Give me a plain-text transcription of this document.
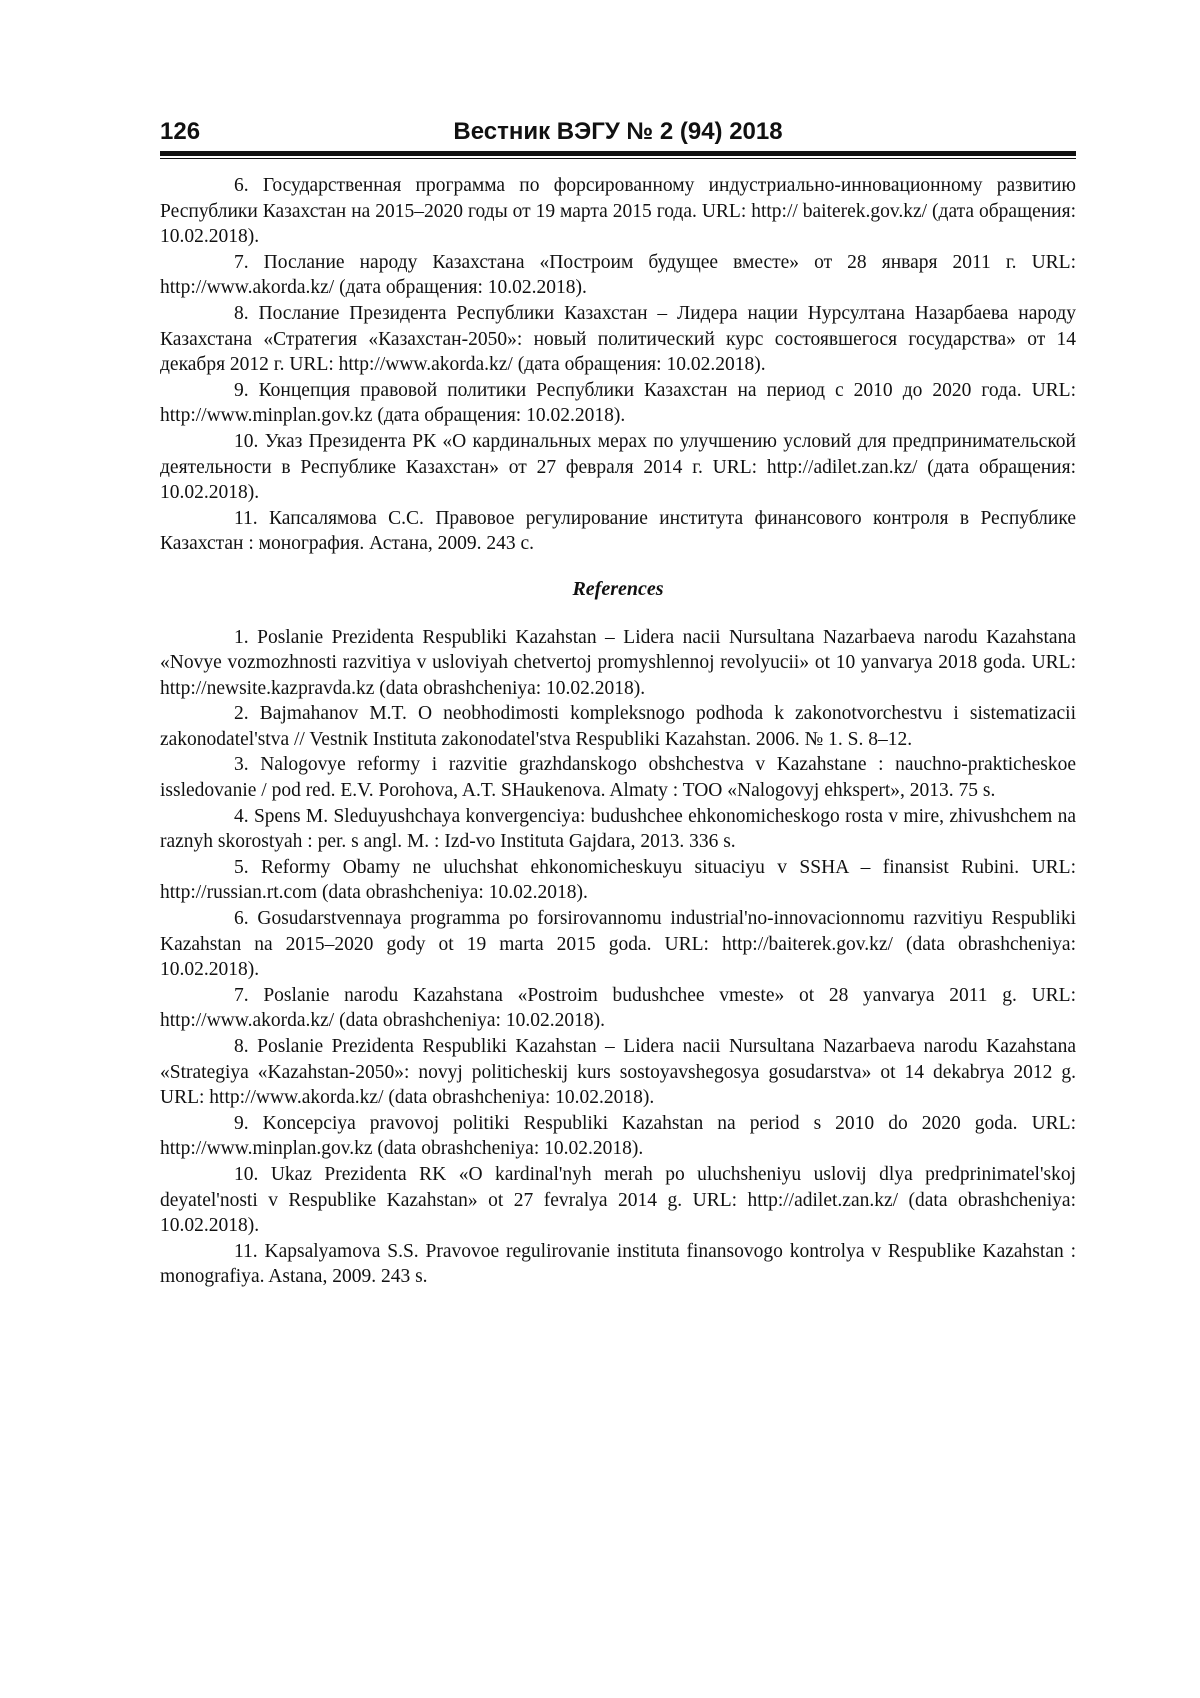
126	Вестник ВЭГУ № 2 (94) 2018

6. Государственная программа по форсированному индустриально-инновационному развитию Республики Казахстан на 2015–2020 годы от 19 марта 2015 года. URL: http:// baiterek.gov.kz/ (дата обращения: 10.02.2018).

7. Послание народу Казахстана «Построим будущее вместе» от 28 января 2011 г. URL: http://www.akorda.kz/ (дата обращения: 10.02.2018).

8. Послание Президента Республики Казахстан – Лидера нации Нурсултана Назарбаева народу Казахстана «Стратегия «Казахстан-2050»: новый политический курс состоявшегося государства» от 14 декабря 2012 г. URL: http://www.akorda.kz/ (дата обращения: 10.02.2018).

9. Концепция правовой политики Республики Казахстан на период с 2010 до 2020 года. URL: http://www.minplan.gov.kz (дата обращения: 10.02.2018).

10. Указ Президента РК «О кардинальных мерах по улучшению условий для предпринимательской деятельности в Республике Казахстан» от 27 февраля 2014 г. URL: http://adilet.zan.kz/ (дата обращения: 10.02.2018).

11. Капсалямова С.С. Правовое регулирование института финансового контроля в Республике Казахстан : монография. Астана, 2009. 243 с.

References

1. Poslanie Prezidenta Respubliki Kazahstan – Lidera nacii Nursultana Nazarbaeva narodu Kazahstana «Novye vozmozhnosti razvitiya v usloviyah chetvertoj promyshlennoj revolyucii» ot 10 yanvarya 2018 goda. URL: http://newsite.kazpravda.kz (data obrashcheniya: 10.02.2018).

2. Bajmahanov M.T. O neobhodimosti kompleksnogo podhoda k zakonotvorchestvu i sistematizacii zakonodatel'stva // Vestnik Instituta zakonodatel'stva Respubliki Kazahstan. 2006. № 1. S. 8–12.

3. Nalogovye reformy i razvitie grazhdanskogo obshchestva v Kazahstane : nauchno-prakticheskoe issledovanie / pod red. E.V. Porohova, A.T. SHaukenova. Almaty : TOO «Nalogovyj ehkspert», 2013. 75 s.

4. Spens M. Sleduyushchaya konvergenciya: budushchee ehkonomicheskogo rosta v mire, zhivushchem na raznyh skorostyah : per. s angl. M. : Izd-vo Instituta Gajdara, 2013. 336 s.

5. Reformy Obamy ne uluchshat ehkonomicheskuyu situaciyu v SSHA – finansist Rubini. URL: http://russian.rt.com (data obrashcheniya: 10.02.2018).

6. Gosudarstvennaya programma po forsirovannomu industrial'no-innovacionnomu razvitiyu Respubliki Kazahstan na 2015–2020 gody ot 19 marta 2015 goda. URL: http://baiterek.gov.kz/ (data obrashcheniya: 10.02.2018).

7. Poslanie narodu Kazahstana «Postroim budushchee vmeste» ot 28 yanvarya 2011 g. URL: http://www.akorda.kz/ (data obrashcheniya: 10.02.2018).

8. Poslanie Prezidenta Respubliki Kazahstan – Lidera nacii Nursultana Nazarbaeva narodu Kazahstana «Strategiya «Kazahstan-2050»: novyj politicheskij kurs sostoyavshegosya gosudarstva» ot 14 dekabrya 2012 g. URL: http://www.akorda.kz/ (data obrashcheniya: 10.02.2018).

9. Koncepciya pravovoj politiki Respubliki Kazahstan na period s 2010 do 2020 goda. URL: http://www.minplan.gov.kz (data obrashcheniya: 10.02.2018).

10. Ukaz Prezidenta RK «O kardinal'nyh merah po uluchsheniyu uslovij dlya predprinimatel'skoj deyatel'nosti v Respublike Kazahstan» ot 27 fevralya 2014 g. URL: http://adilet.zan.kz/ (data obrashcheniya: 10.02.2018).

11. Kapsalyamova S.S. Pravovoe regulirovanie instituta finansovogo kontrolya v Respublike Kazahstan : monografiya. Astana, 2009. 243 s.
